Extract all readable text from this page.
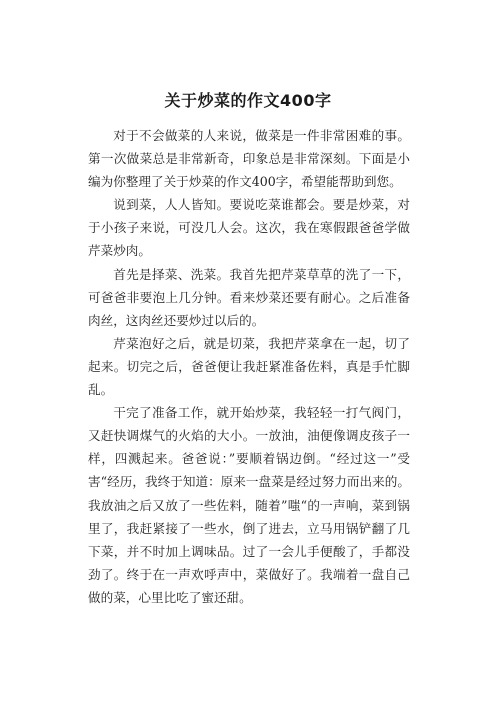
关于炒菜的作文400字

对于不会做菜的人来说，做菜是一件非常困难的事。第一次做菜总是非常新奇，印象总是非常深刻。下面是小编为你整理了关于炒菜的作文400字，希望能帮助到您。

说到菜，人人皆知。要说吃菜谁都会。要是炒菜，对于小孩子来说，可没几人会。这次，我在寒假跟爸爸学做芹菜炒肉。

首先是择菜、洗菜。我首先把芹菜草草的洗了一下，可爸爸非要泡上几分钟。看来炒菜还要有耐心。之后准备肉丝，这肉丝还要炒过以后的。

芹菜泡好之后，就是切菜，我把芹菜拿在一起，切了起来。切完之后，爸爸便让我赶紧准备佐料，真是手忙脚乱。

干完了准备工作，就开始炒菜，我轻轻一打气阀门，又赶快调煤气的火焰的大小。一放油，油便像调皮孩子一样，四溅起来。爸爸说：”要顺着锅边倒。“经过这一”受害“经历，我终于知道：原来一盘菜是经过努力而出来的。我放油之后又放了一些佐料，随着”嗤“的一声响，菜到锅里了，我赶紧接了一些水，倒了进去，立马用锅铲翻了几下菜，并不时加上调味品。过了一会儿手便酸了，手都没劲了。终于在一声欢呼声中，菜做好了。我端着一盘自己做的菜，心里比吃了蜜还甜。
